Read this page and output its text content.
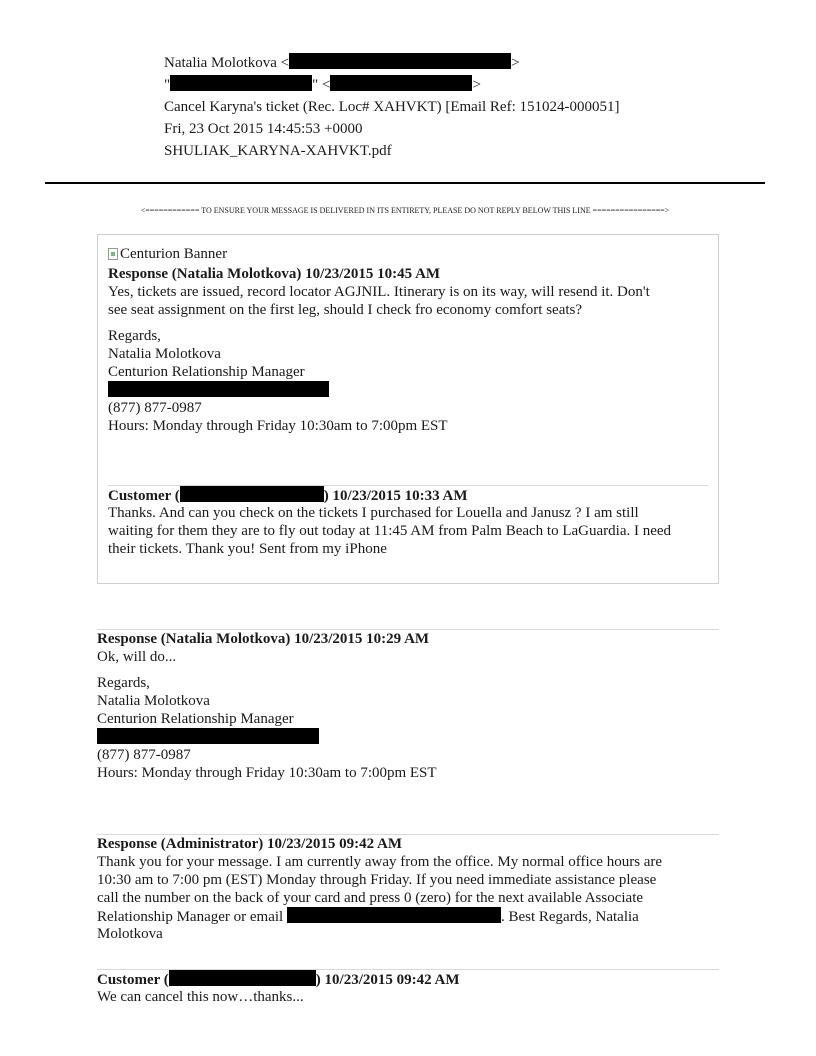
Natalia Molotkova <	>
"	" <	>
Cancel Karyna's ticket (Rec. Loc# XAHVKT) [Email Ref: 151024-000051]
Fri, 23 Oct 2015 14:45:53 +0000
SHULIAK_KARYNA-XAHVKT.pdf
<============ TO ENSURE YOUR MESSAGE IS DELIVERED IN ITS ENTIRETY, PLEASE DO NOT REPLY BELOW THIS LINE ================>
Centurion Banner
Response (Natalia Molotkova) 10/23/2015 10:45 AM
Yes, tickets are issued, record locator AGJNIL. Itinerary is on its way, will resend it. Don't
see seat assignment on the first leg, should I check fro economy comfort seats?
Regards,
Natalia Molotkova
Centurion Relationship Manager
(877) 877-0987
Hours: Monday through Friday 10:30am to 7:00pm EST
Customer (	) 10/23/2015 10:33 AM
Thanks. And can you check on the tickets I purchased for Louella and Janusz ? I am still
waiting for them they are to fly out today at 11:45 AM from Palm Beach to LaGuardia. I need
their tickets. Thank you! Sent from my iPhone
Response (Natalia Molotkova) 10/23/2015 10:29 AM
Ok, will do...
Regards,
Natalia Molotkova
Centurion Relationship Manager
(877) 877-0987
Hours: Monday through Friday 10:30am to 7:00pm EST
Response (Administrator) 10/23/2015 09:42 AM
Thank you for your message. I am currently away from the office. My normal office hours are
10:30 am to 7:00 pm (EST) Monday through Friday. If you need immediate assistance please
call the number on the back of your card and press 0 (zero) for the next available Associate
Relationship Manager or email	. Best Regards, Natalia
Molotkova
Customer (	) 10/23/2015 09:42 AM
We can cancel this now…thanks...
